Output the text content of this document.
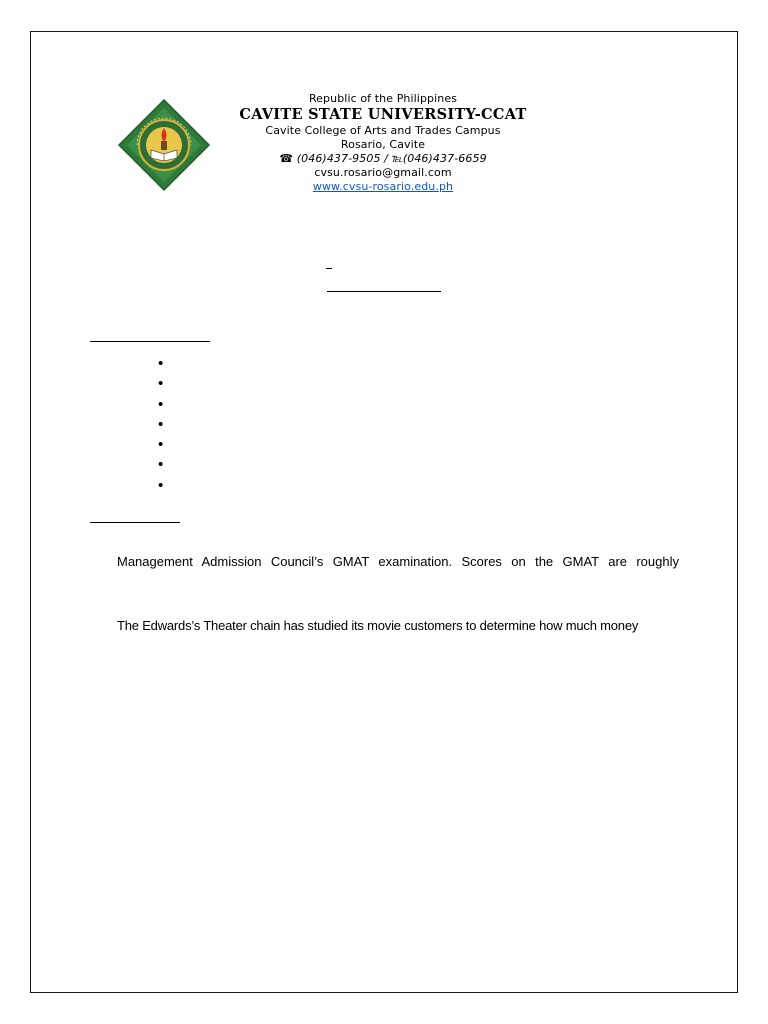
Republic of the Philippines
CAVITE STATE UNIVERSITY-CCAT
Cavite College of Arts and Trades Campus
Rosario, Cavite
☎ (046)437-9505 / ℡(046)437-6659
cvsu.rosario@gmail.com
www.cvsu-rosario.edu.ph
•
•
•
•
•
•
•
Management Admission Council’s GMAT examination. Scores on the GMAT are roughly
The Edwards’s Theater chain has studied its movie customers to determine how much money
